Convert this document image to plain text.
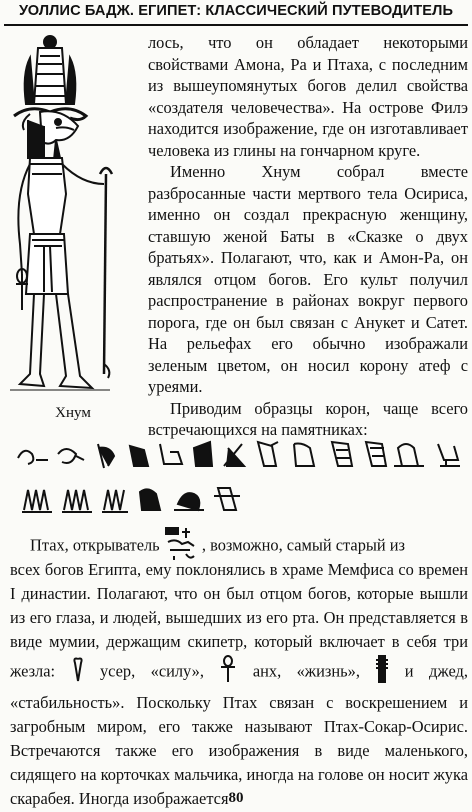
УОЛЛИС БАДЖ. ЕГИПЕТ: КЛАССИЧЕСКИЙ ПУТЕВОДИТЕЛЬ
Хнум

лось, что он обладает некоторыми свойствами Амона, Ра и Птаха, с последним из вышеупомянутых богов делил свойства «создателя человечества». На острове Филэ находится изображение, где он изготавливает человека из глины на гончарном круге.

Именно Хнум собрал вместе разбросанные части мертвого тела Осириса, именно он создал прекрасную женщину, ставшую женой Баты в «Сказке о двух братьях». Полагают, что, как и Амон-Ра, он являлся отцом богов. Его культ получил распространение в районах вокруг первого порога, где он был связан с Анукет и Сатет. На рельефах его обычно изображали зеленым цветом, он носил корону атеф с уреями.

Приводим образцы корон, чаще всего встречающихся на памятниках:

Птах, открыватель	, возможно, самый старый из

всех богов Египта, ему поклонялись в храме Мемфиса со времен I династии. Полагают, что он был отцом богов, которые вышли из его глаза, и людей, вышедших из его рта. Он представляется в виде мумии, держащим скипетр, который включает в себя три жезла:	усер, «силу»,	анх, «жизнь»,	и джед, «стабильность». Поскольку Птах связан с воскрешением и загробным миром, его также называют Птах-Сокар-Осирис. Встречаются также его изображения в виде маленького, сидящего на корточках мальчика, иногда на голове он носит жука скарабея. Иногда изображается 80
